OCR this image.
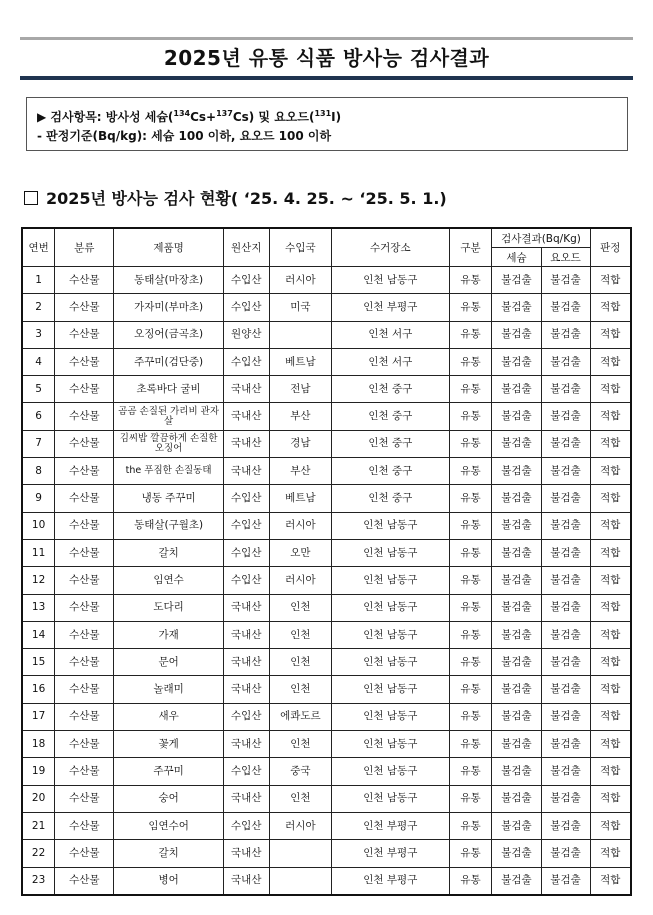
2025년 유통 식품 방사능 검사결과
▶ 검사항목: 방사성 세슘($^{134}$Cs+$^{137}$Cs) 및 요오드($^{131}$I)
- 판정기준(Bq/kg): 세슘 100 이하, 요오드 100 이하
2025년 방사능 검사 현황( ‘25. 4. 25. ~ ‘25. 5. 1.)
연번	분류	제품명	원산지	수입국	수거장소	구분	검사결과(Bq/Kg)		판정
							세슘	요오드	
1	수산물	동태살(마장초)	수입산	러시아	인천 남동구	유통	불검출	불검출	적합
2	수산물	가자미(부마초)	수입산	미국	인천 부평구	유통	불검출	불검출	적합
3	수산물	오징어(금곡초)	원양산		인천 서구	유통	불검출	불검출	적합
4	수산물	주꾸미(검단중)	수입산	베트남	인천 서구	유통	불검출	불검출	적합
5	수산물	초록바다 굴비	국내산	전남	인천 중구	유통	불검출	불검출	적합
6	수산물	곰곰 손질된 가리비 관자살	국내산	부산	인천 중구	유통	불검출	불검출	적합
7	수산물	김씨밥 깔끔하게 손질한 오징어	국내산	경남	인천 중구	유통	불검출	불검출	적합
8	수산물	the 푸짐한 손질동태	국내산	부산	인천 중구	유통	불검출	불검출	적합
9	수산물	냉동 주꾸미	수입산	베트남	인천 중구	유통	불검출	불검출	적합
10	수산물	동태살(구월초)	수입산	러시아	인천 남동구	유통	불검출	불검출	적합
11	수산물	갈치	수입산	오만	인천 남동구	유통	불검출	불검출	적합
12	수산물	임연수	수입산	러시아	인천 남동구	유통	불검출	불검출	적합
13	수산물	도다리	국내산	인천	인천 남동구	유통	불검출	불검출	적합
14	수산물	가재	국내산	인천	인천 남동구	유통	불검출	불검출	적합
15	수산물	문어	국내산	인천	인천 남동구	유통	불검출	불검출	적합
16	수산물	놀래미	국내산	인천	인천 남동구	유통	불검출	불검출	적합
17	수산물	새우	수입산	에콰도르	인천 남동구	유통	불검출	불검출	적합
18	수산물	꽃게	국내산	인천	인천 남동구	유통	불검출	불검출	적합
19	수산물	주꾸미	수입산	중국	인천 남동구	유통	불검출	불검출	적합
20	수산물	숭어	국내산	인천	인천 남동구	유통	불검출	불검출	적합
21	수산물	임연수어	수입산	러시아	인천 부평구	유통	불검출	불검출	적합
22	수산물	갈치	국내산		인천 부평구	유통	불검출	불검출	적합
23	수산물	병어	국내산		인천 부평구	유통	불검출	불검출	적합
